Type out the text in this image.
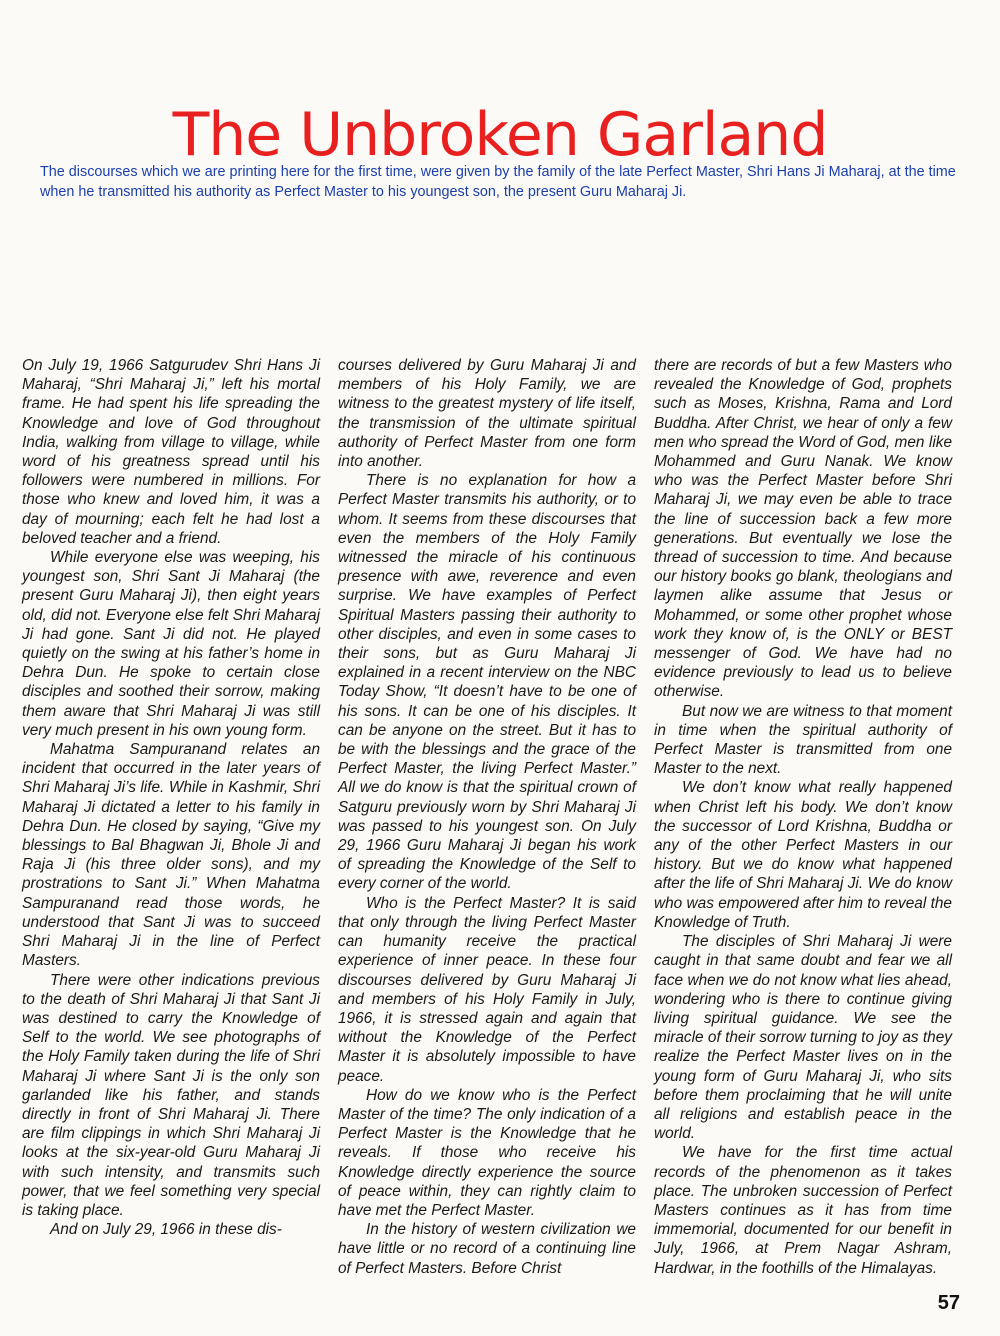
The Unbroken Garland

The discourses which we are printing here for the first time, were given by the family of the late Perfect Master, Shri Hans Ji Maharaj, at the time when he transmitted his authority as Perfect Master to his youngest son, the present Guru Maharaj Ji.

On July 19, 1966 Satgurudev Shri Hans Ji Maharaj, “Shri Maharaj Ji,” left his mortal frame. He had spent his life spreading the Knowledge and love of God throughout India, walking from village to village, while word of his greatness spread until his followers were numbered in millions. For those who knew and loved him, it was a day of mourning; each felt he had lost a beloved teacher and a friend.

While everyone else was weeping, his youngest son, Shri Sant Ji Maharaj (the present Guru Maharaj Ji), then eight years old, did not. Everyone else felt Shri Maharaj Ji had gone. Sant Ji did not. He played quietly on the swing at his father’s home in Dehra Dun. He spoke to certain close disciples and soothed their sorrow, making them aware that Shri Maharaj Ji was still very much present in his own young form.

Mahatma Sampuranand relates an incident that occurred in the later years of Shri Maharaj Ji’s life. While in Kashmir, Shri Maharaj Ji dictated a letter to his family in Dehra Dun. He closed by saying, “Give my blessings to Bal Bhagwan Ji, Bhole Ji and Raja Ji (his three older sons), and my prostrations to Sant Ji.” When Mahatma Sampuranand read those words, he understood that Sant Ji was to succeed Shri Maharaj Ji in the line of Perfect Masters.

There were other indications previous to the death of Shri Maharaj Ji that Sant Ji was destined to carry the Knowledge of Self to the world. We see photographs of the Holy Family taken during the life of Shri Maharaj Ji where Sant Ji is the only son garlanded like his father, and stands directly in front of Shri Maharaj Ji. There are film clippings in which Shri Maharaj Ji looks at the six-year-old Guru Maharaj Ji with such intensity, and transmits such power, that we feel something very special is taking place.

And on July 29, 1966 in these dis-

courses delivered by Guru Maharaj Ji and members of his Holy Family, we are witness to the greatest mystery of life itself, the transmission of the ultimate spiritual authority of Perfect Master from one form into another.

There is no explanation for how a Perfect Master transmits his authority, or to whom. It seems from these discourses that even the members of the Holy Family witnessed the miracle of his continuous presence with awe, reverence and even surprise. We have examples of Perfect Spiritual Masters passing their authority to other disciples, and even in some cases to their sons, but as Guru Maharaj Ji explained in a recent interview on the NBC Today Show, “It doesn’t have to be one of his sons. It can be one of his disciples. It can be anyone on the street. But it has to be with the blessings and the grace of the Perfect Master, the living Perfect Master.” All we do know is that the spiritual crown of Satguru previously worn by Shri Maharaj Ji was passed to his youngest son. On July 29, 1966 Guru Maharaj Ji began his work of spreading the Knowledge of the Self to every corner of the world.

Who is the Perfect Master? It is said that only through the living Perfect Master can humanity receive the practical experience of inner peace. In these four discourses delivered by Guru Maharaj Ji and members of his Holy Family in July, 1966, it is stressed again and again that without the Knowledge of the Perfect Master it is absolutely impossible to have peace.

How do we know who is the Perfect Master of the time? The only indication of a Perfect Master is the Knowledge that he reveals. If those who receive his Knowledge directly experience the source of peace within, they can rightly claim to have met the Perfect Master.

In the history of western civilization we have little or no record of a continuing line of Perfect Masters. Before Christ

there are records of but a few Masters who revealed the Knowledge of God, prophets such as Moses, Krishna, Rama and Lord Buddha. After Christ, we hear of only a few men who spread the Word of God, men like Mohammed and Guru Nanak. We know who was the Perfect Master before Shri Maharaj Ji, we may even be able to trace the line of succession back a few more generations. But eventually we lose the thread of succession to time. And because our history books go blank, theologians and laymen alike assume that Jesus or Mohammed, or some other prophet whose work they know of, is the ONLY or BEST messenger of God. We have had no evidence previously to lead us to believe otherwise.

But now we are witness to that moment in time when the spiritual authority of Perfect Master is transmitted from one Master to the next.

We don’t know what really happened when Christ left his body. We don’t know the successor of Lord Krishna, Buddha or any of the other Perfect Masters in our history. But we do know what happened after the life of Shri Maharaj Ji. We do know who was empowered after him to reveal the Knowledge of Truth.

The disciples of Shri Maharaj Ji were caught in that same doubt and fear we all face when we do not know what lies ahead, wondering who is there to continue giving living spiritual guidance. We see the miracle of their sorrow turning to joy as they realize the Perfect Master lives on in the young form of Guru Maharaj Ji, who sits before them proclaiming that he will unite all religions and establish peace in the world.

We have for the first time actual records of the phenomenon as it takes place. The unbroken succession of Perfect Masters continues as it has from time immemorial, documented for our benefit in July, 1966, at Prem Nagar Ashram, Hardwar, in the foothills of the Himalayas.

57
